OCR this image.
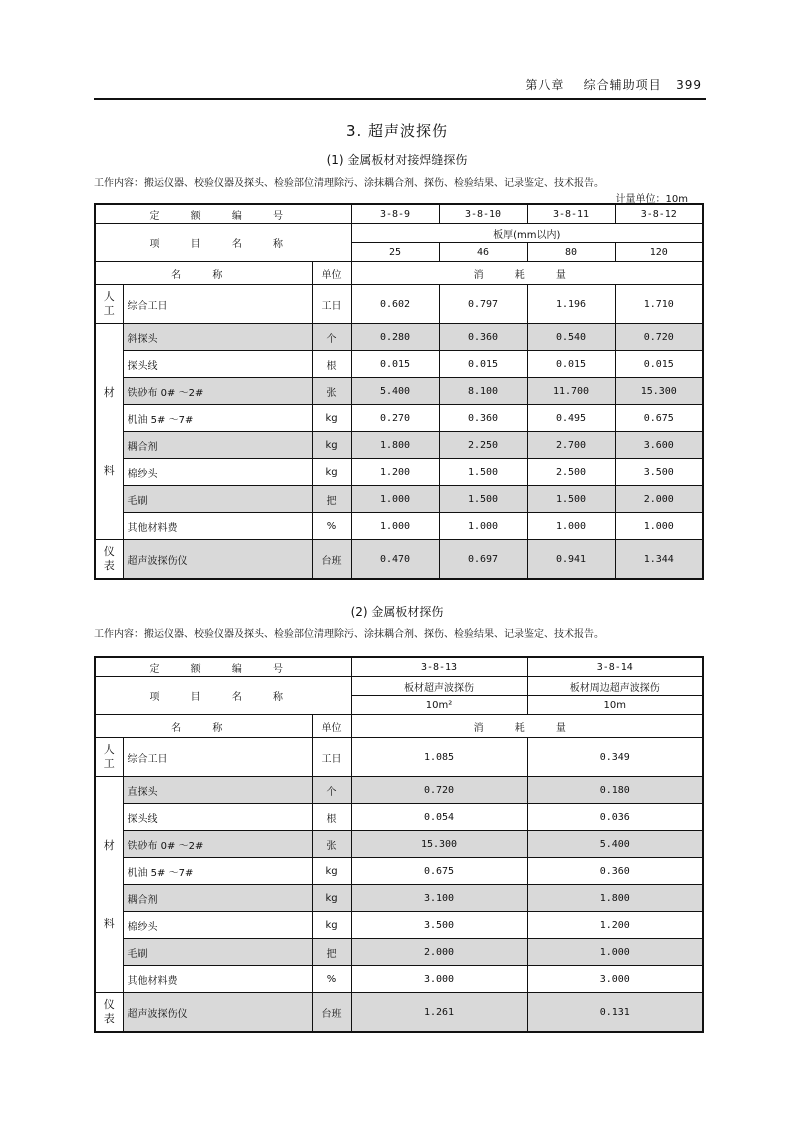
第八章 综合辅助项目 399
3. 超声波探伤
(1) 金属板材对接焊缝探伤
工作内容：搬运仪器、校验仪器及探头、检验部位清理除污、涂抹耦合剂、探伤、检验结果、记录鉴定、技术报告。
计量单位：10m
定 额 编 号			3-8-9	3-8-10	3-8-11	3-8-12
项 目 名 称			板厚(mm以内)			
			25	46	80	120
名 称		单位	消 耗 量			
人工	综合工日	工日	0.602	0.797	1.196	1.710
材料	斜探头	个	0.280	0.360	0.540	0.720
	探头线	根	0.015	0.015	0.015	0.015
	铁砂布 0# ～2#	张	5.400	8.100	11.700	15.300
	机油 5# ～7#	kg	0.270	0.360	0.495	0.675
	耦合剂	kg	1.800	2.250	2.700	3.600
	棉纱头	kg	1.200	1.500	2.500	3.500
	毛刷	把	1.000	1.500	1.500	2.000
	其他材料费	%	1.000	1.000	1.000	1.000
仪表	超声波探伤仪	台班	0.470	0.697	0.941	1.344
(2) 金属板材探伤
工作内容：搬运仪器、校验仪器及探头、检验部位清理除污、涂抹耦合剂、探伤、检验结果、记录鉴定、技术报告。
定 额 编 号			3-8-13	3-8-14
项 目 名 称			板材超声波探伤	板材周边超声波探伤
			10m²	10m
名 称		单位	消 耗 量	
人工	综合工日	工日	1.085	0.349
材料	直探头	个	0.720	0.180
	探头线	根	0.054	0.036
	铁砂布 0# ～2#	张	15.300	5.400
	机油 5# ～7#	kg	0.675	0.360
	耦合剂	kg	3.100	1.800
	棉纱头	kg	3.500	1.200
	毛刷	把	2.000	1.000
	其他材料费	%	3.000	3.000
仪表	超声波探伤仪	台班	1.261	0.131
